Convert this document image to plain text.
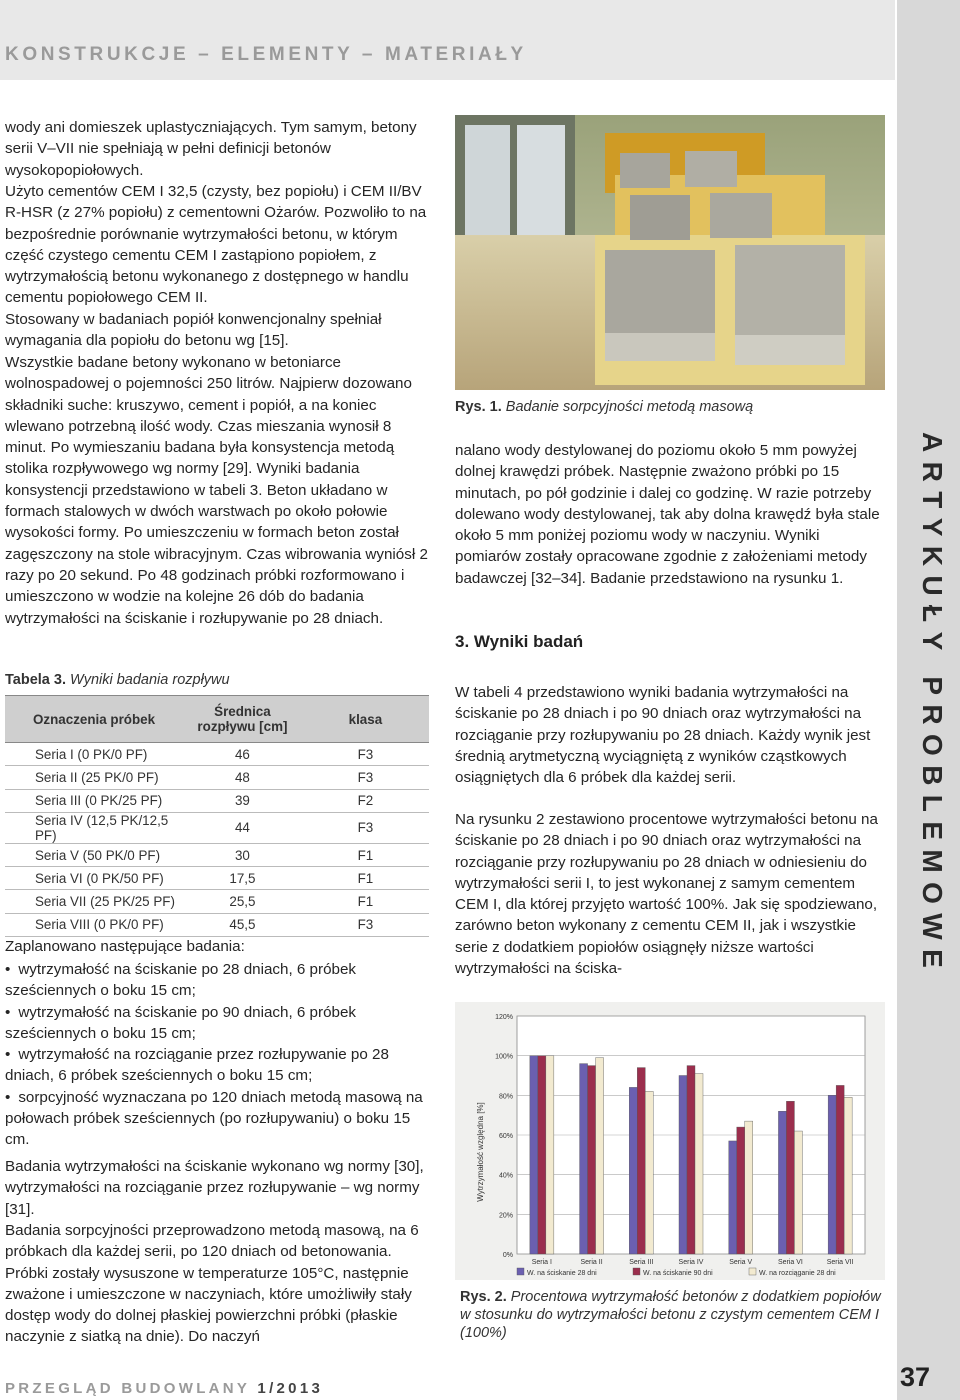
KONSTRUKCJE – ELEMENTY – MATERIAŁY
ARTYKUŁY PROBLEMOWE

wody ani domieszek uplastyczniających. Tym samym, betony serii V–VII nie spełniają w pełni definicji betonów wysokopopiołowych.

Użyto cementów CEM I 32,5 (czysty, bez popiołu) i CEM II/BV R-HSR (z 27% popiołu) z cementowni Ożarów. Pozwoliło to na bezpośrednie porównanie wytrzymałości betonu, w którym część czystego cementu CEM I zastąpiono popiołem, z wytrzymałością betonu wykonanego z dostępnego w handlu cementu popiołowego CEM II.

Stosowany w badaniach popiół konwencjonalny spełniał wymagania dla popiołu do betonu wg [15].

Wszystkie badane betony wykonano w betoniarce wolnospadowej o pojemności 250 litrów. Najpierw dozowano składniki suche: kruszywo, cement i popiół, a na koniec wlewano potrzebną ilość wody. Czas mieszania wynosił 8 minut. Po wymieszaniu badana była konsystencja metodą stolika rozpływowego wg normy [29]. Wyniki badania konsystencji przedstawiono w tabeli 3. Beton układano w formach stalowych w dwóch warstwach po około połowie wysokości formy. Po umieszczeniu w formach beton został zagęszczony na stole wibracyjnym. Czas wibrowania wyniósł 2 razy po 20 sekund. Po 48 godzinach próbki rozformowano i umieszczono w wodzie na kolejne 26 dób do badania wytrzymałości na ściskanie i rozłupywanie po 28 dniach.

Tabela 3. Wyniki badania rozpływu
Oznaczenia próbek	Średnica rozpływu [cm]	klasa
Seria I (0 PK/0 PF)	46	F3
Seria II (25 PK/0 PF)	48	F3
Seria III (0 PK/25 PF)	39	F2
Seria IV (12,5 PK/12,5 PF)	44	F3
Seria V (50 PK/0 PF)	30	F1
Seria VI (0 PK/50 PF)	17,5	F1
Seria VII (25 PK/25 PF)	25,5	F1
Seria VIII (0 PK/0 PF)	45,5	F3

Zaplanowano następujące badania:

• wytrzymałość na ściskanie po 28 dniach, 6 próbek sześciennych o boku 15 cm;
• wytrzymałość na ściskanie po 90 dniach, 6 próbek sześciennych o boku 15 cm;
• wytrzymałość na rozciąganie przez rozłupywanie po 28 dniach, 6 próbek sześciennych o boku 15 cm;
• sorpcyjność wyznaczana po 120 dniach metodą masową na połowach próbek sześciennych (po rozłupywaniu) o boku 15 cm.

Badania wytrzymałości na ściskanie wykonano wg normy [30], wytrzymałości na rozciąganie przez rozłupywanie – wg normy [31].

Badania sorpcyjności przeprowadzono metodą masową, na 6 próbkach dla każdej serii, po 120 dniach od betonowania. Próbki zostały wysuszone w temperaturze 105°C, następnie zważone i umieszczone w naczyniach, które umożliwiły stały dostęp wody do dolnej płaskiej powierzchni próbki (płaskie naczynie z siatką na dnie). Do naczyń

Rys. 1. Badanie sorpcyjności metodą masową

nalano wody destylowanej do poziomu około 5 mm powyżej dolnej krawędzi próbek. Następnie zważono próbki po 15 minutach, po pół godzinie i dalej co godzinę. W razie potrzeby dolewano wody destylowanej, tak aby dolna krawędź była stale około 5 mm poniżej poziomu wody w naczyniu. Wyniki pomiarów zostały opracowane zgodnie z założeniami metody badawczej [32–34]. Badanie przedstawiono na rysunku 1.

3. Wyniki badań

W tabeli 4 przedstawiono wyniki badania wytrzymałości na ściskanie po 28 dniach i po 90 dniach oraz wytrzymałości na rozciąganie przy rozłupywaniu po 28 dniach. Każdy wynik jest średnią arytmetyczną wyciągniętą z wyników cząstkowych osiągniętych dla 6 próbek dla każdej serii.

Na rysunku 2 zestawiono procentowe wytrzymałości betonu na ściskanie po 28 dniach i po 90 dniach oraz wytrzymałości na rozciąganie przy rozłupywaniu po 28 dniach w odniesieniu do wytrzymałości serii I, to jest wykonanej z samym cementem CEM I, dla której przyjęto wartość 100%. Jak się spodziewano, zarówno beton wykonany z cementu CEM II, jak i wszystkie serie z dodatkiem popiołów osiągnęły niższe wartości wytrzymałości na ściska-

Wytrzymałość względna [%]
0%
20%
40%
60%
80%
100%
120%
Seria I	Seria II	Seria III	Seria IV	Seria V	Seria VI	Seria VII
W. na ściskanie 28 dni	W. na ściskanie 90 dni	W. na rozciąganie 28 dni
Rys. 2. Procentowa wytrzymałość betonów z dodatkiem popiołów w stosunku do wytrzymałości betonu z czystym cementem CEM I (100%)
PRZEGLĄD BUDOWLANY 1/2013	37
